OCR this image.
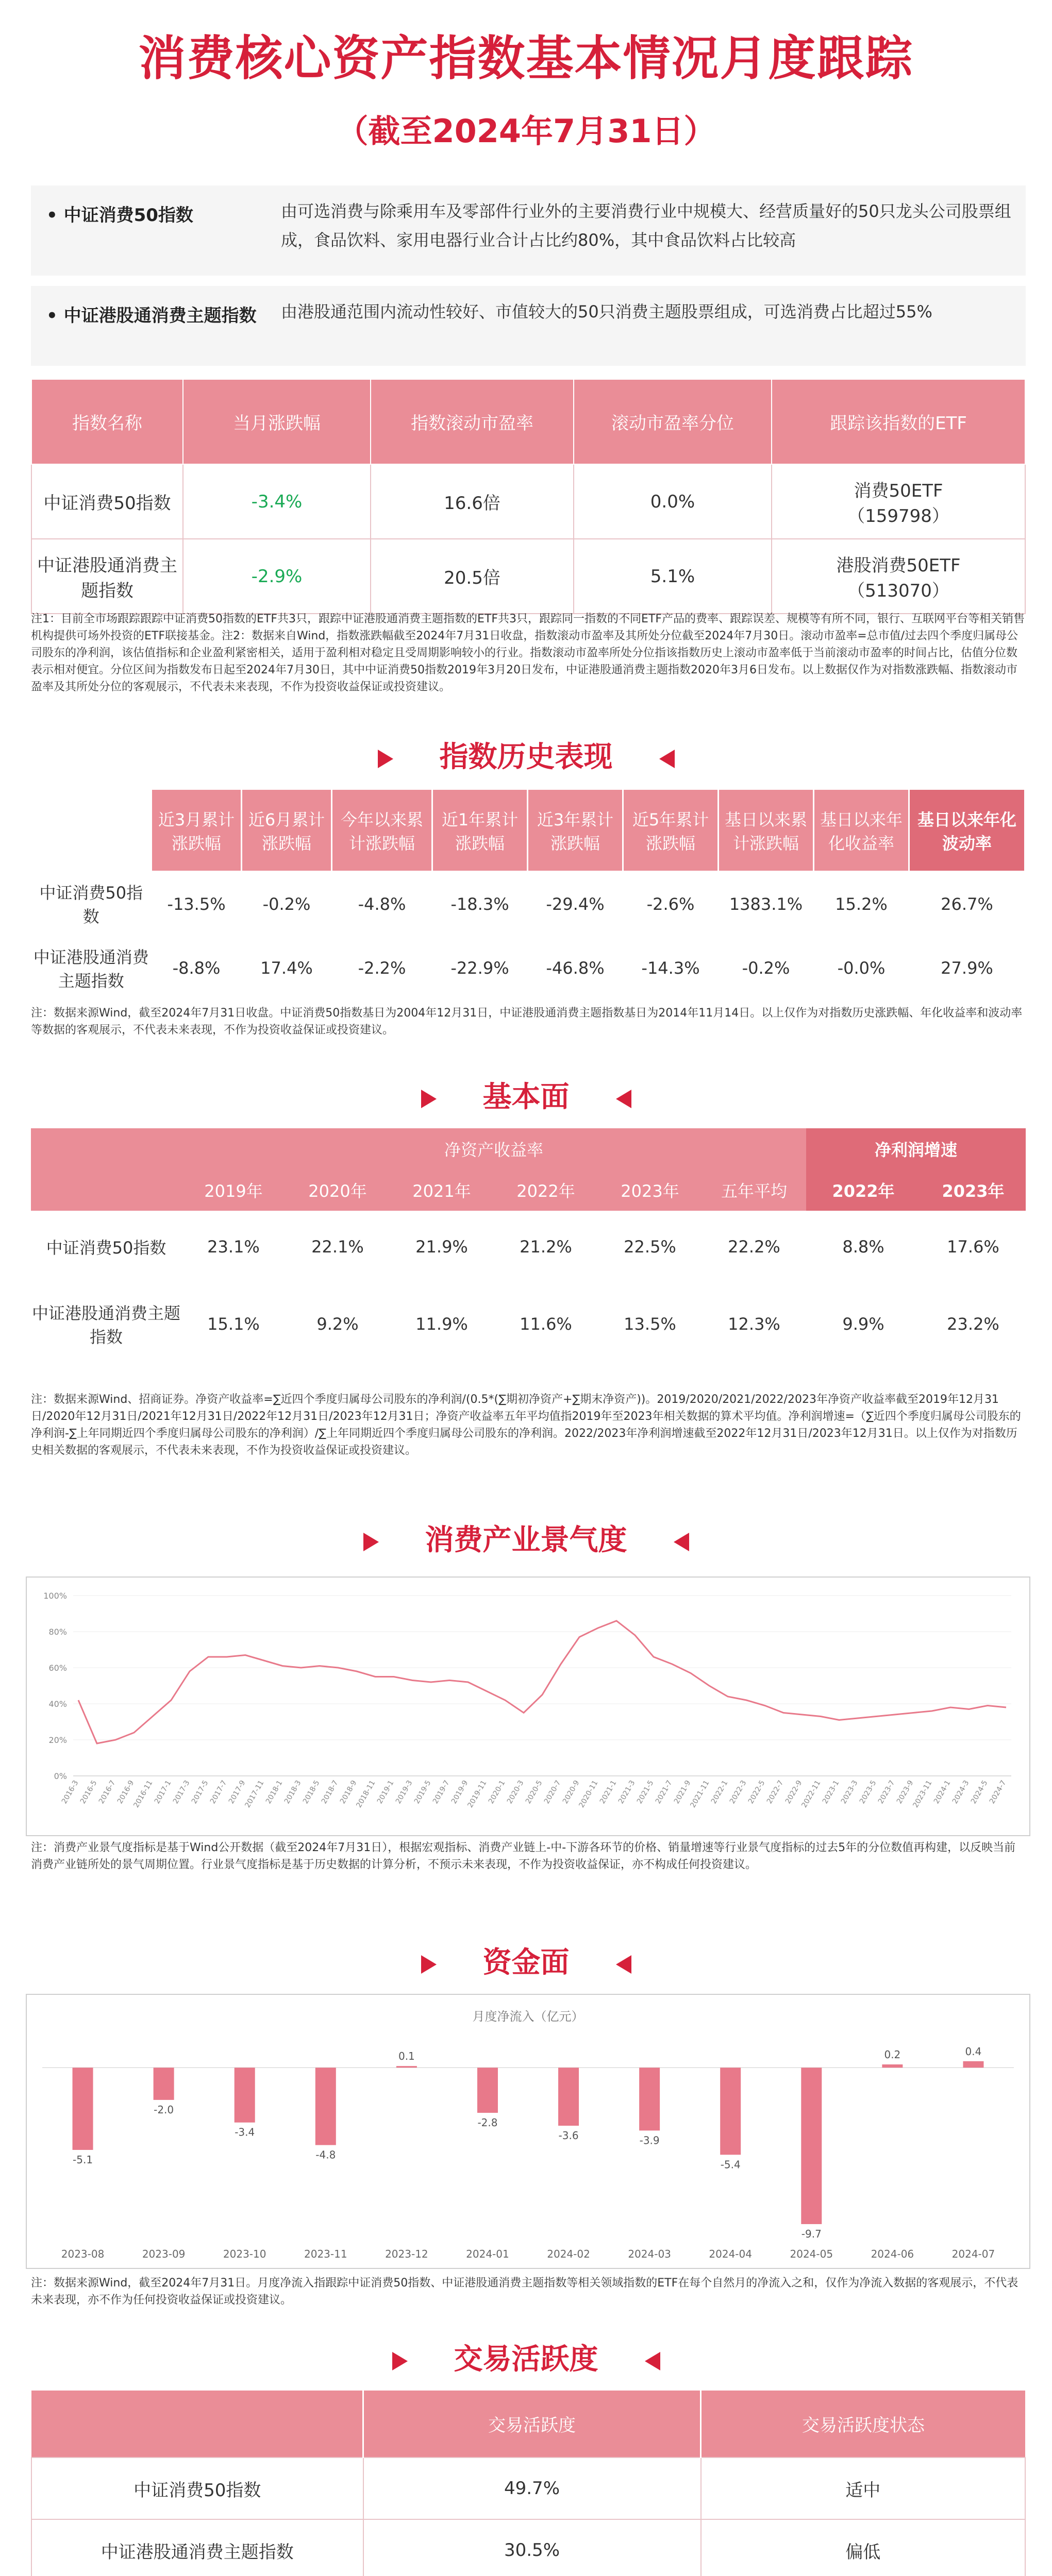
消费核心资产指数基本情况月度跟踪
（截至2024年7月31日）
• 中证消费50指数	由可选消费与除乘用车及零部件行业外的主要消费行业中规模大、经营质量好的50只龙头公司股票组成，食品饮料、家用电器行业合计占比约80%，其中食品饮料占比较高
• 中证港股通消费主题指数 由港股通范围内流动性较好、市值较大的50只消费主题股票组成，可选消费占比超过55%
指数名称	当月涨跌幅	指数滚动市盈率	滚动市盈率分位	跟踪该指数的ETF
中证消费50指数	-3.4%	16.6倍	0.0%	消费50ETF
（159798）

中证港股通消费主题指数	-2.9%	20.5倍	5.1%	港股消费50ETF
（513070）
注1：目前全市场跟踪跟踪中证消费50指数的ETF共3只，跟踪中证港股通消费主题指数的ETF共3只，跟踪同一指数的不同ETF产品的费率、跟踪误差、规模等有所不同，银行、互联网平台等相关销售机构提供可场外投资的ETF联接基金。注2：数据来自Wind，指数涨跌幅截至2024年7月31日收盘，指数滚动市盈率及其所处分位截至2024年7月30日。滚动市盈率=总市值/过去四个季度归属母公司股东的净利润，该估值指标和企业盈利紧密相关，适用于盈利相对稳定且受周期影响较小的行业。指数滚动市盈率所处分位指该指数历史上滚动市盈率低于当前滚动市盈率的时间占比，估值分位数表示相对便宜。分位区间为指数发布日起至2024年7月30日，其中中证消费50指数2019年3月20日发布，中证港股通消费主题指数2020年3月6日发布。以上数据仅作为对指数涨跌幅、指数滚动市盈率及其所处分位的客观展示，不代表未来表现，不作为投资收益保证或投资建议。
指数历史表现
	近3月累计涨跌幅	近6月累计涨跌幅	今年以来累计涨跌幅	近1年累计涨跌幅	近3年累计涨跌幅	近5年累计涨跌幅	基日以来累计涨跌幅	基日以来年化收益率	基日以来年化波动率
中证消费50指数	-13.5%	-0.2%	-4.8%	-18.3%	-29.4%	-2.6%	1383.1%	15.2%	26.7%
中证港股通消费主题指数	-8.8%	17.4%	-2.2%	-22.9%	-46.8%	-14.3%	-0.2%	-0.0%	27.9%
注：数据来源Wind，截至2024年7月31日收盘。中证消费50指数基日为2004年12月31日，中证港股通消费主题指数基日为2014年11月14日。以上仅作为对指数历史涨跌幅、年化收益率和波动率等数据的客观展示，不代表未来表现，不作为投资收益保证或投资建议。
基本面
	净资产收益率						净利润增速	
	2019年	2020年	2021年	2022年	2023年	五年平均	2022年	2023年
中证消费50指数	23.1%	22.1%	21.9%	21.2%	22.5%	22.2%	8.8%	17.6%
中证港股通消费主题指数	15.1%	9.2%	11.9%	11.6%	13.5%	12.3%	9.9%	23.2%
注：数据来源Wind、招商证券。净资产收益率=∑近四个季度归属母公司股东的净利润/(0.5*(∑期初净资产+∑期末净资产))。2019/2020/2021/2022/2023年净资产收益率截至2019年12月31日/2020年12月31日/2021年12月31日/2022年12月31日/2023年12月31日；净资产收益率五年平均值指2019年至2023年相关数据的算术平均值。净利润增速=（∑近四个季度归属母公司股东的净利润-∑上年同期近四个季度归属母公司股东的净利润）/∑上年同期近四个季度归属母公司股东的净利润。2022/2023年净利润增速截至2022年12月31日/2023年12月31日。以上仅作为对指数历史相关数据的客观展示，不代表未来表现，不作为投资收益保证或投资建议。
消费产业景气度
0%
20%
40%
60%
80%
100%
2016-3
2016-5
2016-7
2016-9
2016-11
2017-1
2017-3
2017-5
2017-7
2017-9
2017-11
2018-1
2018-3
2018-5
2018-7
2018-9
2018-11
2019-1
2019-3
2019-5
2019-7
2019-9
2019-11
2020-1
2020-3
2020-5
2020-7
2020-9
2020-11
2021-1
2021-3
2021-5
2021-7
2021-9
2021-11
2022-1
2022-3
2022-5
2022-7
2022-9
2022-11
2023-1
2023-3
2023-5
2023-7
2023-9
2023-11
2024-1
2024-3
2024-5
2024-7
注：消费产业景气度指标是基于Wind公开数据（截至2024年7月31日），根据宏观指标、消费产业链上-中-下游各环节的价格、销量增速等行业景气度指标的过去5年的分位数值再构建，以反映当前消费产业链所处的景气周期位置。行业景气度指标是基于历史数据的计算分析，不预示未来表现，不作为投资收益保证，亦不构成任何投资建议。
资金面
月度净流入（亿元）
-5.1
2023-08
-2.0
2023-09
-3.4
2023-10
-4.8
2023-11
0.1
2023-12
-2.8
2024-01
-3.6
2024-02
-3.9
2024-03
-5.4
2024-04
-9.7
2024-05
0.2
2024-06
0.4
2024-07
注：数据来源Wind，截至2024年7月31日。月度净流入指跟踪中证消费50指数、中证港股通消费主题指数等相关领域指数的ETF在每个自然月的净流入之和，仅作为净流入数据的客观展示，不代表未来表现，亦不作为任何投资收益保证或投资建议。
交易活跃度
	交易活跃度	交易活跃度状态
中证消费50指数	49.7%	适中
中证港股通消费主题指数	30.5%	偏低
